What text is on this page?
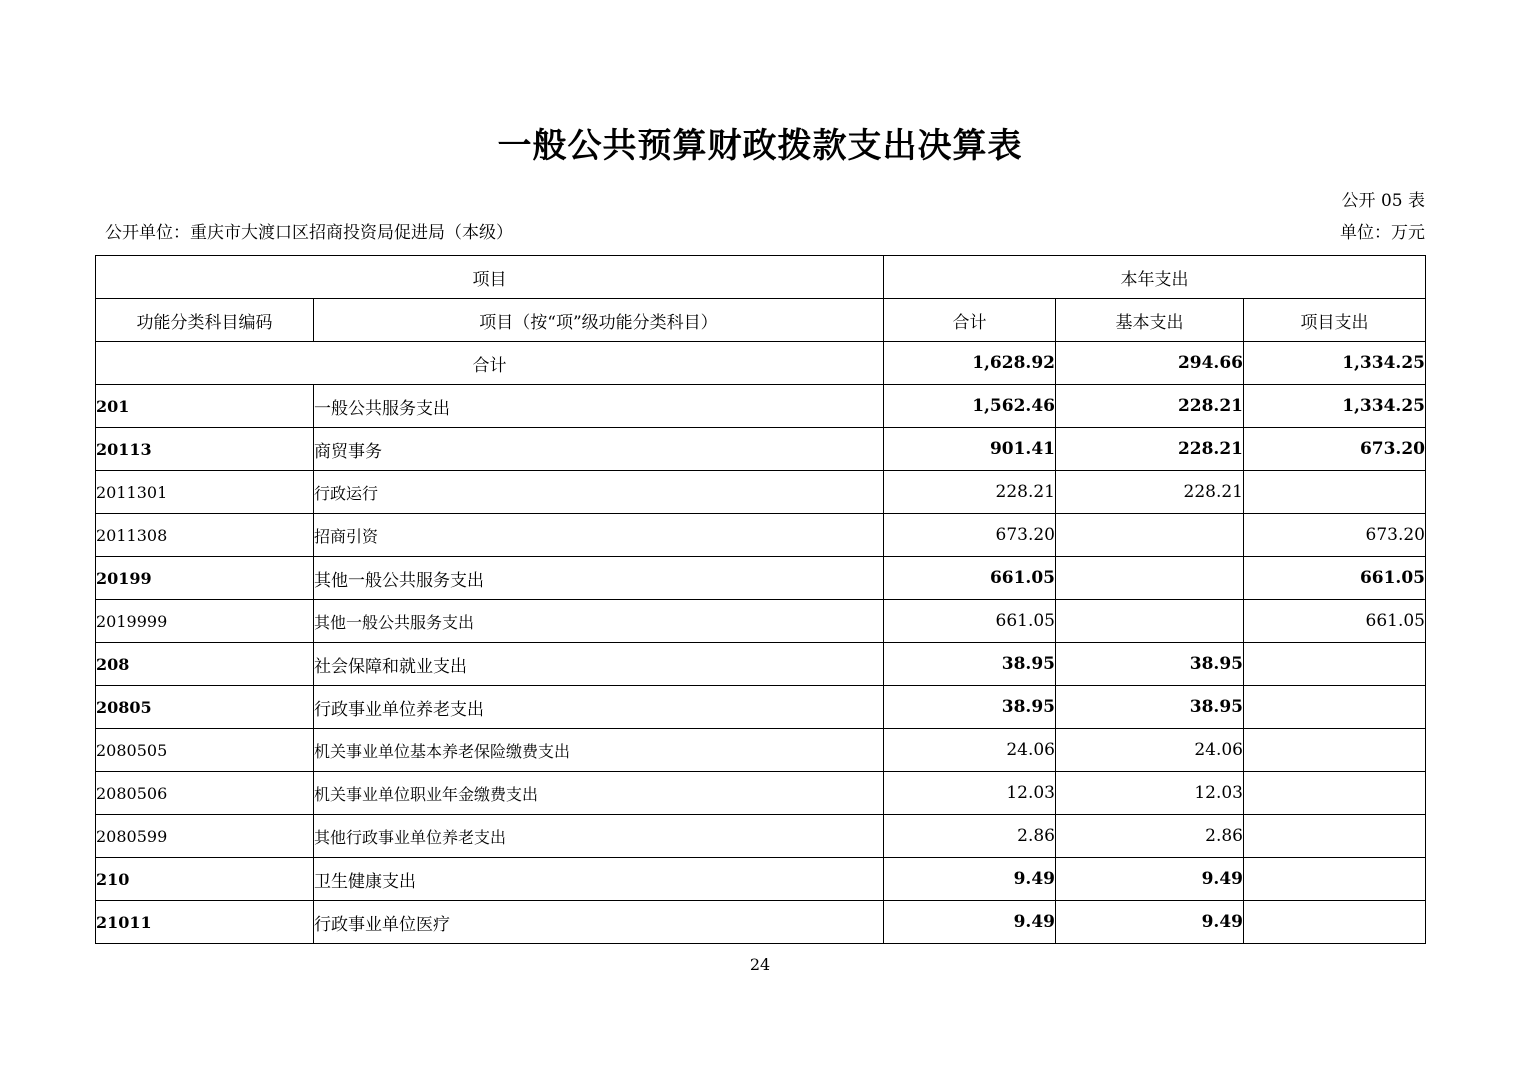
一般公共预算财政拨款支出决算表
公开 05 表
公开单位：重庆市大渡口区招商投资局促进局（本级）	单位：万元
项目		本年支出		
功能分类科目编码	项目（按“项”级功能分类科目）	合计	基本支出	项目支出
合计		1,628.92	294.66	1,334.25
201	一般公共服务支出	1,562.46	228.21	1,334.25
20113	商贸事务	901.41	228.21	673.20
2011301	行政运行	228.21	228.21	
2011308	招商引资	673.20		673.20
20199	其他一般公共服务支出	661.05		661.05
2019999	其他一般公共服务支出	661.05		661.05
208	社会保障和就业支出	38.95	38.95	
20805	行政事业单位养老支出	38.95	38.95	
2080505	机关事业单位基本养老保险缴费支出	24.06	24.06	
2080506	机关事业单位职业年金缴费支出	12.03	12.03	
2080599	其他行政事业单位养老支出	2.86	2.86	
210	卫生健康支出	9.49	9.49	
21011	行政事业单位医疗	9.49	9.49	
24
